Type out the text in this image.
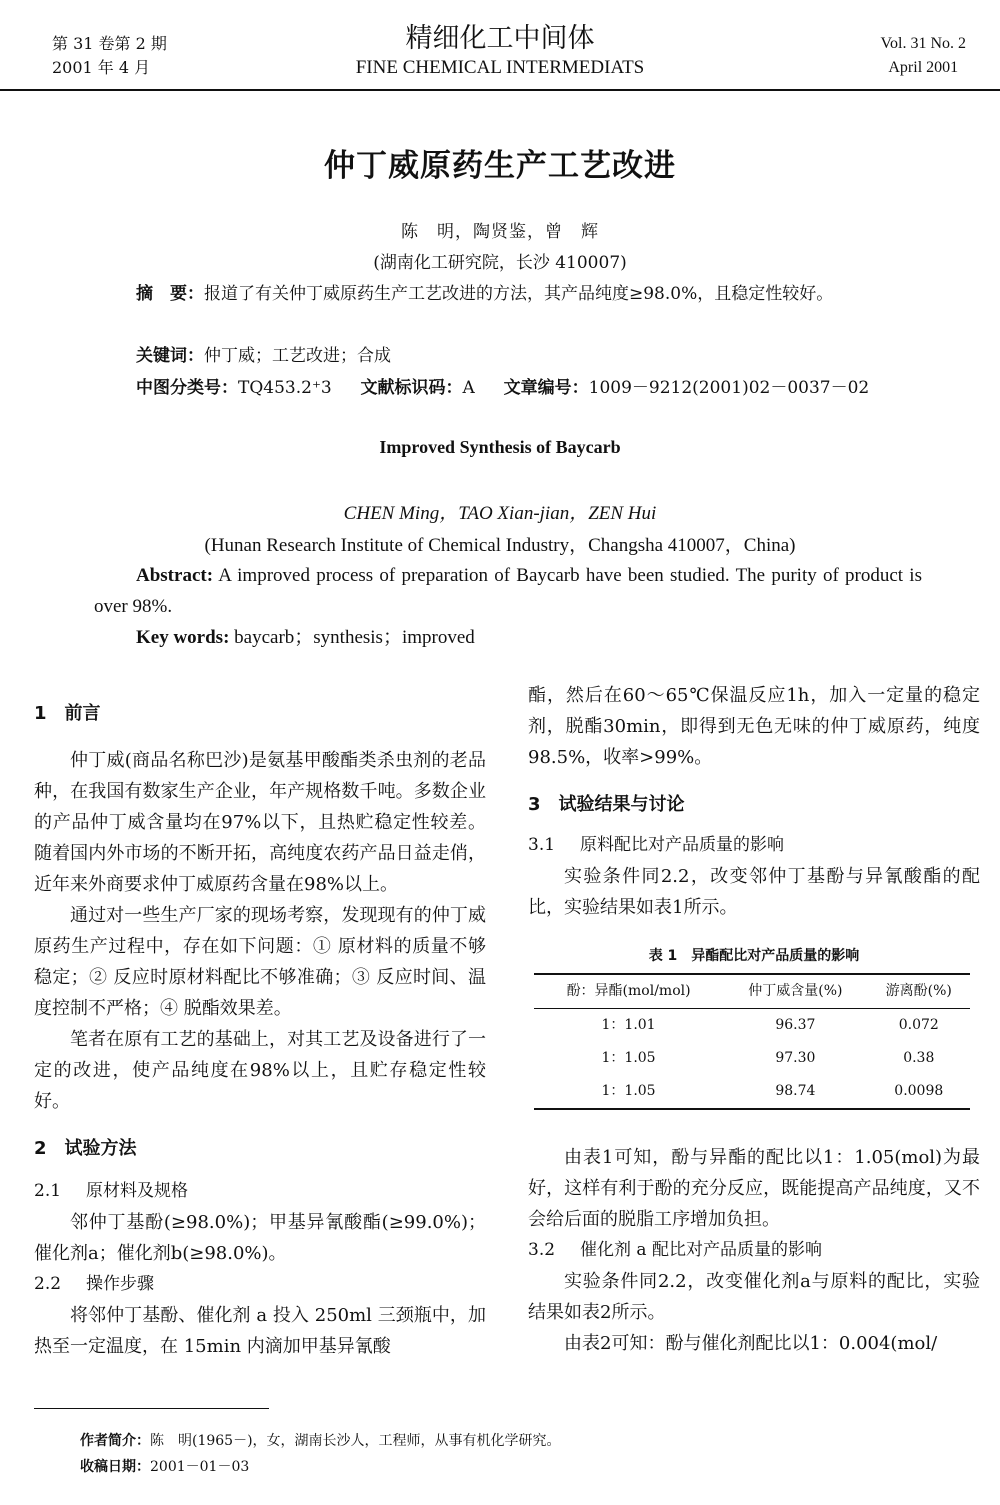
第 31 卷第 2 期
2001 年 4 月
精细化工中间体
FINE CHEMICAL INTERMEDIATS
Vol. 31 No. 2
April 2001
仲丁威原药生产工艺改进
陈　明，陶贤鉴，曾　辉
(湖南化工研究院，长沙 410007)
摘　要：报道了有关仲丁威原药生产工艺改进的方法，其产品纯度≥98.0%，且稳定性较好。
关键词：仲丁威；工艺改进；合成
中图分类号：TQ453.2⁺3 文献标识码：A 文章编号：1009－9212(2001)02－0037－02
Improved Synthesis of Baycarb
CHEN Ming，TAO Xian-jian，ZEN Hui
(Hunan Research Institute of Chemical Industry，Changsha 410007，China)
Abstract: A improved process of preparation of Baycarb have been studied. The purity of product is over 98%.
Key words: baycarb；synthesis；improved
1　前言

仲丁威(商品名称巴沙)是氨基甲酸酯类杀虫剂的老品种，在我国有数家生产企业，年产规格数千吨。多数企业的产品仲丁威含量均在97%以下，且热贮稳定性较差。随着国内外市场的不断开拓，高纯度农药产品日益走俏，近年来外商要求仲丁威原药含量在98%以上。

通过对一些生产厂家的现场考察，发现现有的仲丁威原药生产过程中，存在如下问题：① 原材料的质量不够稳定；② 反应时原材料配比不够准确；③ 反应时间、温度控制不严格；④ 脱酯效果差。

笔者在原有工艺的基础上，对其工艺及设备进行了一定的改进，使产品纯度在98%以上，且贮存稳定性较好。

2　试验方法
2.1 原材料及规格

邻仲丁基酚(≥98.0%)；甲基异氰酸酯(≥99.0%)；催化剂a；催化剂b(≥98.0%)。

2.2 操作步骤

将邻仲丁基酚、催化剂 a 投入 250ml 三颈瓶中，加热至一定温度，在 15min 内滴加甲基异氰酸

酯，然后在60～65℃保温反应1h，加入一定量的稳定剂，脱酯30min，即得到无色无味的仲丁威原药，纯度98.5%，收率>99%。

3　试验结果与讨论
3.1 原料配比对产品质量的影响

实验条件同2.2，改变邻仲丁基酚与异氰酸酯的配比，实验结果如表1所示。

表 1　异酯配比对产品质量的影响
酚：异酯(mol/mol)	仲丁威含量(%)	游离酚(%)
1：1.01	96.37	0.072
1：1.05	97.30	0.38
1：1.05	98.74	0.0098

由表1可知，酚与异酯的配比以1：1.05(mol)为最好，这样有利于酚的充分反应，既能提高产品纯度，又不会给后面的脱脂工序增加负担。

3.2 催化剂 a 配比对产品质量的影响

实验条件同2.2，改变催化剂a与原料的配比，实验结果如表2所示。

由表2可知：酚与催化剂配比以1：0.004(mol/

作者简介：陈　明(1965－)，女，湖南长沙人，工程师，从事有机化学研究。
收稿日期：2001－01－03
